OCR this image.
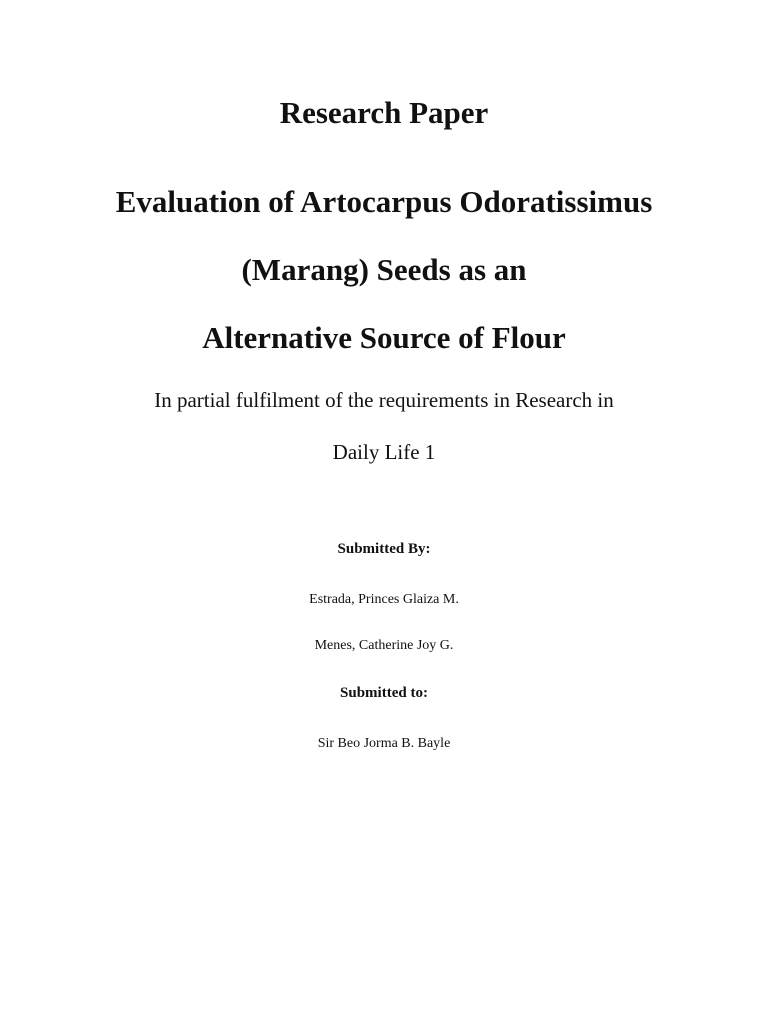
Research Paper
Evaluation of Artocarpus Odoratissimus
(Marang) Seeds as an
Alternative Source of Flour
In partial fulfilment of the requirements in Research in
Daily Life 1
Submitted By:
Estrada, Princes Glaiza M.
Menes, Catherine Joy G.
Submitted to:
Sir Beo Jorma B. Bayle
